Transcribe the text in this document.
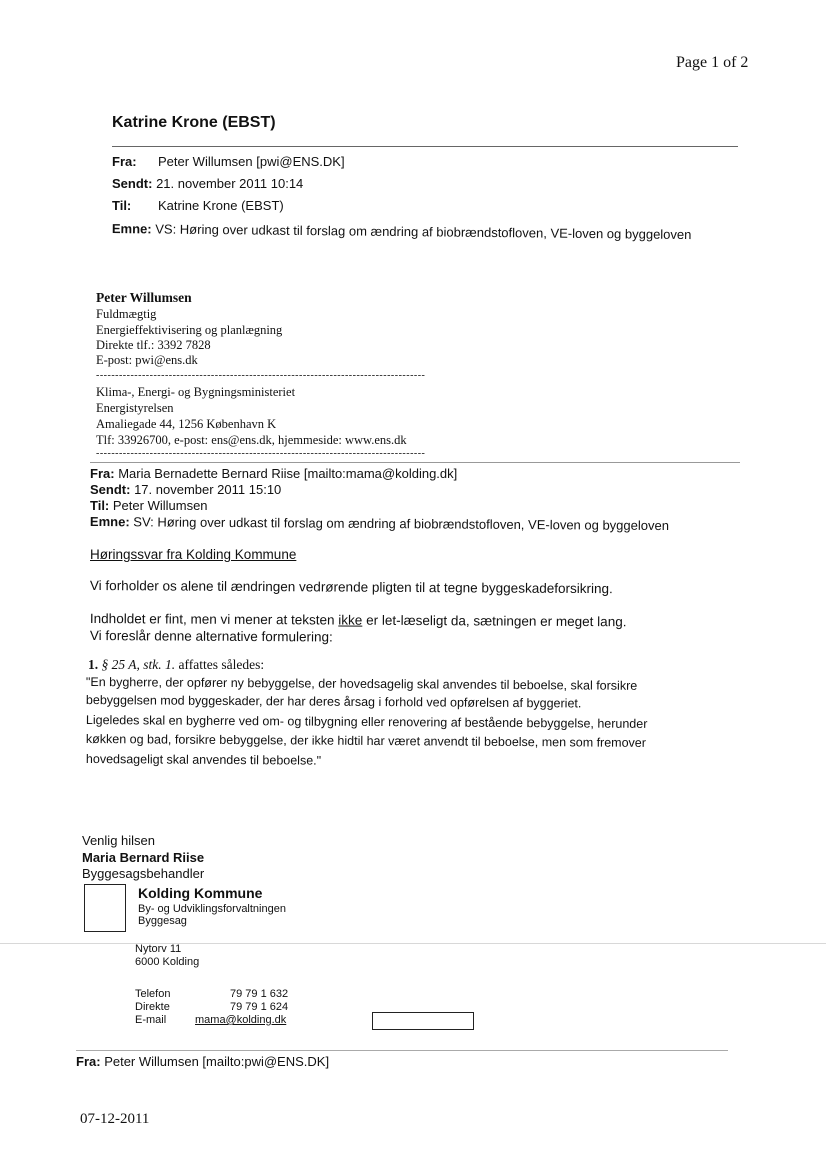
Page 1 of 2
Katrine Krone (EBST)
Fra: Peter Willumsen [pwi@ENS.DK]
Sendt: 21. november 2011 10:14
Til: Katrine Krone (EBST)
Emne: VS: Høring over udkast til forslag om ændring af biobrændstofloven, VE-loven og byggeloven
Peter Willumsen
Fuldmægtig
Energieffektivisering og planlægning
Direkte tlf.: 3392 7828
E-post: pwi@ens.dk
--------------------------------------------------------------------------------------
Klima-, Energi- og Bygningsministeriet
Energistyrelsen
Amaliegade 44, 1256 København K
Tlf: 33926700, e-post: ens@ens.dk, hjemmeside: www.ens.dk
--------------------------------------------------------------------------------------
Fra: Maria Bernadette Bernard Riise [mailto:mama@kolding.dk]
Sendt: 17. november 2011 15:10
Til: Peter Willumsen
Emne: SV: Høring over udkast til forslag om ændring af biobrændstofloven, VE-loven og byggeloven
Høringssvar fra Kolding Kommune
Vi forholder os alene til ændringen vedrørende pligten til at tegne byggeskadeforsikring.
Indholdet er fint, men vi mener at teksten ikke er let-læseligt da, sætningen er meget lang.
Vi foreslår denne alternative formulering:
1. § 25 A, stk. 1. affattes således:
"En bygherre, der opfører ny bebyggelse, der hovedsagelig skal anvendes til beboelse, skal forsikre
bebyggelsen mod byggeskader, der har deres årsag i forhold ved opførelsen af byggeriet.
Ligeledes skal en bygherre ved om- og tilbygning eller renovering af bestående bebyggelse, herunder
køkken og bad, forsikre bebyggelse, der ikke hidtil har været anvendt til beboelse, men som fremover
hovedsageligt skal anvendes til beboelse."
Venlig hilsen
Maria Bernard Riise
Byggesagsbehandler
Kolding Kommune
By- og Udviklingsforvaltningen
Byggesag
Nytorv 11
6000 Kolding
Telefon	79 79 1 632
Direkte	79 79 1 624
E-mail	mama@kolding.dk
Fra: Peter Willumsen [mailto:pwi@ENS.DK]
07-12-2011
